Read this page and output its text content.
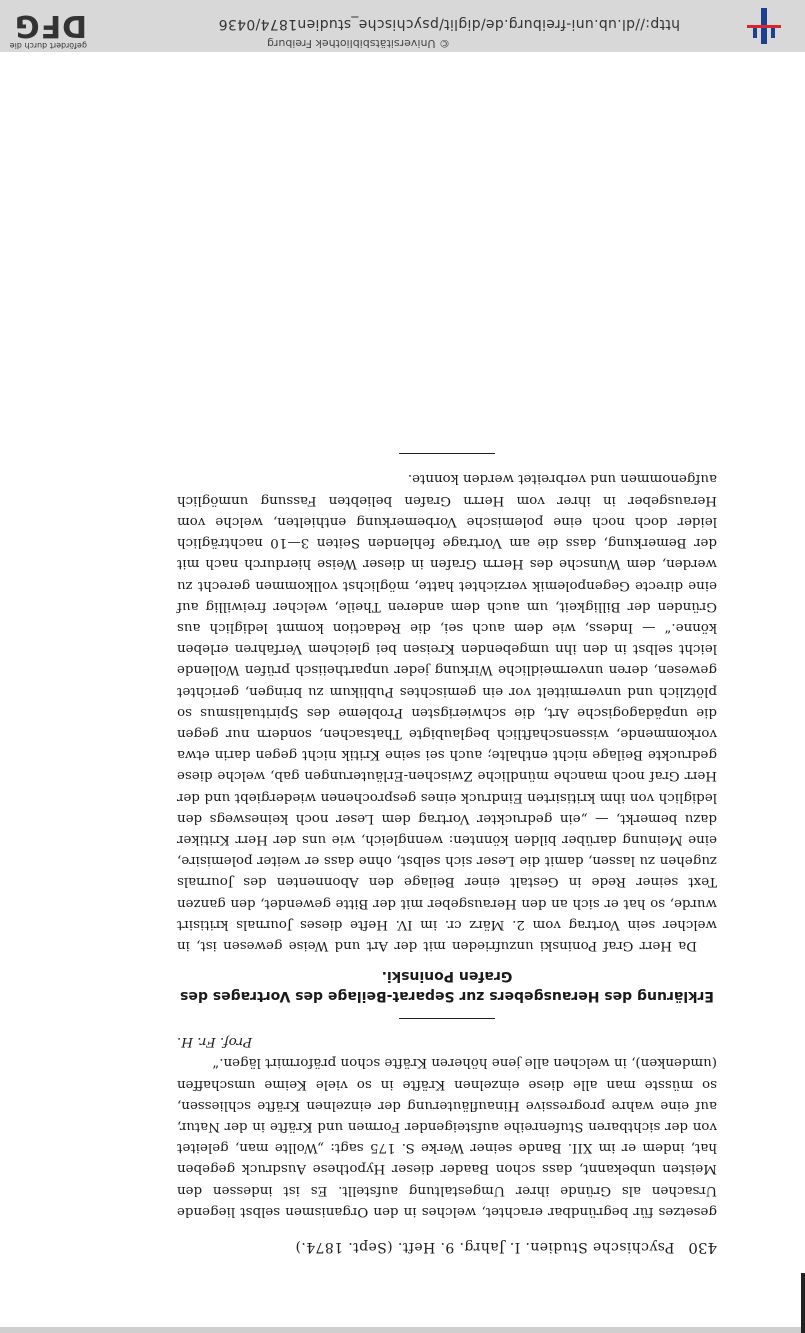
430
Psychische Studien. I. Jahrg. 9. Heft. (Sept. 1874.)

gesetzes für begründbar erachtet, welches in den Organismen selbst liegende Ursachen als Gründe ihrer Umgestaltung aufstellt. Es ist indessen den Meisten unbekannt, dass schon Baader dieser Hypothese Ausdruck gegeben hat, indem er im XII. Bande seiner Werke S. 175 sagt: „Wollte man, geleitet von der sichtbaren Stufenreihe aufsteigender Formen und Kräfte in der Natur, auf eine wahre progressive Hinaufläuterung der einzelnen Kräfte schliessen, so müsste man alle diese einzelnen Kräfte in so viele Keime umschaffen (umdenken), in welchen alle jene höheren Kräfte schon präformirt lägen.“

Prof. Fr. H.

Erklärung des Herausgebers zur Separat-Beilage des Vortrages des Grafen Poninski.

Da Herr Graf Poninski unzufrieden mit der Art und Weise gewesen ist, in welcher sein Vortrag vom 2. März cr. im IV. Hefte dieses Journals kritisirt wurde, so hat er sich an den Herausgeber mit der Bitte gewendet, den ganzen Text seiner Rede in Gestalt einer Beilage den Abonnenten des Journals zugehen zu lassen, damit die Leser sich selbst, ohne dass er weiter polemisire, eine Meinung darüber bilden könnten: wenngleich, wie uns der Herr Kritiker dazu bemerkt, — „ein gedruckter Vortrag dem Leser noch keineswegs den lediglich von ihm kritisirten Eindruck eines gesprochenen wiedergiebt und der Herr Graf noch manche mündliche Zwischen-Erläuterungen gab, welche diese gedruckte Beilage nicht enthalte; auch sei seine Kritik nicht gegen darin etwa vorkommende, wissenschaftlich beglaubigte Thatsachen, sondern nur gegen die unpädagogische Art, die schwierigsten Probleme des Spiritualismus so plötzlich und unvermittelt vor ein gemischtes Publikum zu bringen, gerichtet gewesen, deren unvermeidliche Wirkung jeder unpartheiisch prüfen Wollende leicht selbst in den ihn umgebenden Kreisen bei gleichem Verfahren erleben könne.“ — Indess, wie dem auch sei, die Redaction kommt lediglich aus Gründen der Billigkeit, um auch dem anderen Theile, welcher freiwillig auf eine directe Gegenpolemik verzichtet hatte, möglichst vollkommen gerecht zu werden, dem Wunsche des Herrn Grafen in dieser Weise hierdurch nach mit der Bemerkung, dass die am Vortrage fehlenden Seiten 3—10 nachträglich leider doch noch eine polemische Vorbemerkung enthielten, welche vom Herausgeber in ihrer vom Herrn Grafen beliebten Fassung unmöglich aufgenommen und verbreitet werden konnte.

http://dl.ub.uni-freiburg.de/diglit/psychische_studien1874/0436
© Universitätsbibliothek Freiburg
gefördert durch die
DFG
